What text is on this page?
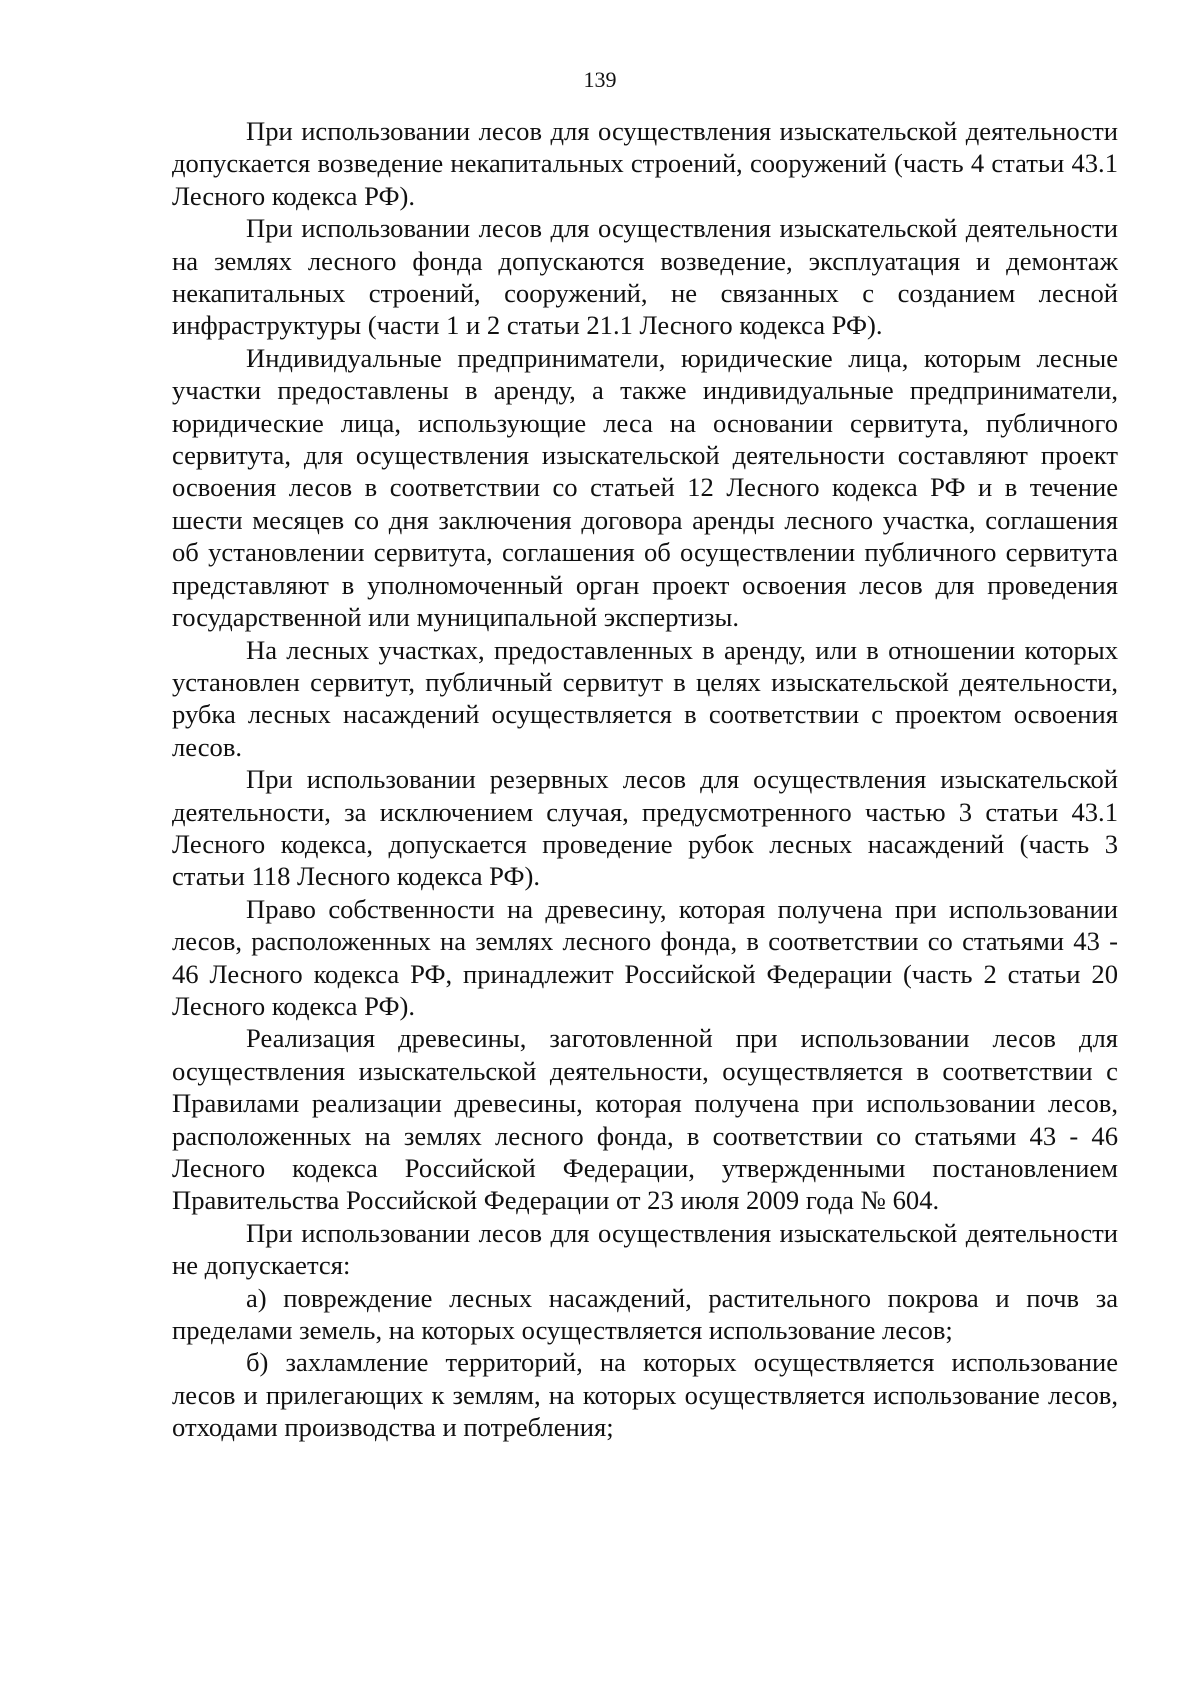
139

При использовании лесов для осуществления изыскательской деятельности допускается возведение некапитальных строений, сооружений (часть 4 статьи 43.1 Лесного кодекса РФ).

При использовании лесов для осуществления изыскательской деятельности на землях лесного фонда допускаются возведение, эксплуатация и демонтаж некапитальных строений, сооружений, не связанных с созданием лесной инфраструктуры (части 1 и 2 статьи 21.1 Лесного кодекса РФ).

Индивидуальные предприниматели, юридические лица, которым лесные участки предоставлены в аренду, а также индивидуальные предприниматели, юридические лица, использующие леса на основании сервитута, публичного сервитута, для осуществления изыскательской деятельности составляют проект освоения лесов в соответствии со статьей 12 Лесного кодекса РФ и в течение шести месяцев со дня заключения договора аренды лесного участка, соглашения об установлении сервитута, соглашения об осуществлении публичного сервитута представляют в уполномоченный орган проект освоения лесов для проведения государственной или муниципальной экспертизы.

На лесных участках, предоставленных в аренду, или в отношении которых установлен сервитут, публичный сервитут в целях изыскательской деятельности, рубка лесных насаждений осуществляется в соответствии с проектом освоения лесов.

При использовании резервных лесов для осуществления изыскательской деятельности, за исключением случая, предусмотренного частью 3 статьи 43.1 Лесного кодекса, допускается проведение рубок лесных насаждений (часть 3 статьи 118 Лесного кодекса РФ).

Право собственности на древесину, которая получена при использовании лесов, расположенных на землях лесного фонда, в соответствии со статьями 43 - 46 Лесного кодекса РФ, принадлежит Российской Федерации (часть 2 статьи 20 Лесного кодекса РФ).

Реализация древесины, заготовленной при использовании лесов для осуществления изыскательской деятельности, осуществляется в соответствии с Правилами реализации древесины, которая получена при использовании лесов, расположенных на землях лесного фонда, в соответствии со статьями 43 - 46 Лесного кодекса Российской Федерации, утвержденными постановлением Правительства Российской Федерации от 23 июля 2009 года № 604.

При использовании лесов для осуществления изыскательской деятельности не допускается:

а) повреждение лесных насаждений, растительного покрова и почв за пределами земель, на которых осуществляется использование лесов;

б) захламление территорий, на которых осуществляется использование лесов и прилегающих к землям, на которых осуществляется использование лесов, отходами производства и потребления;
